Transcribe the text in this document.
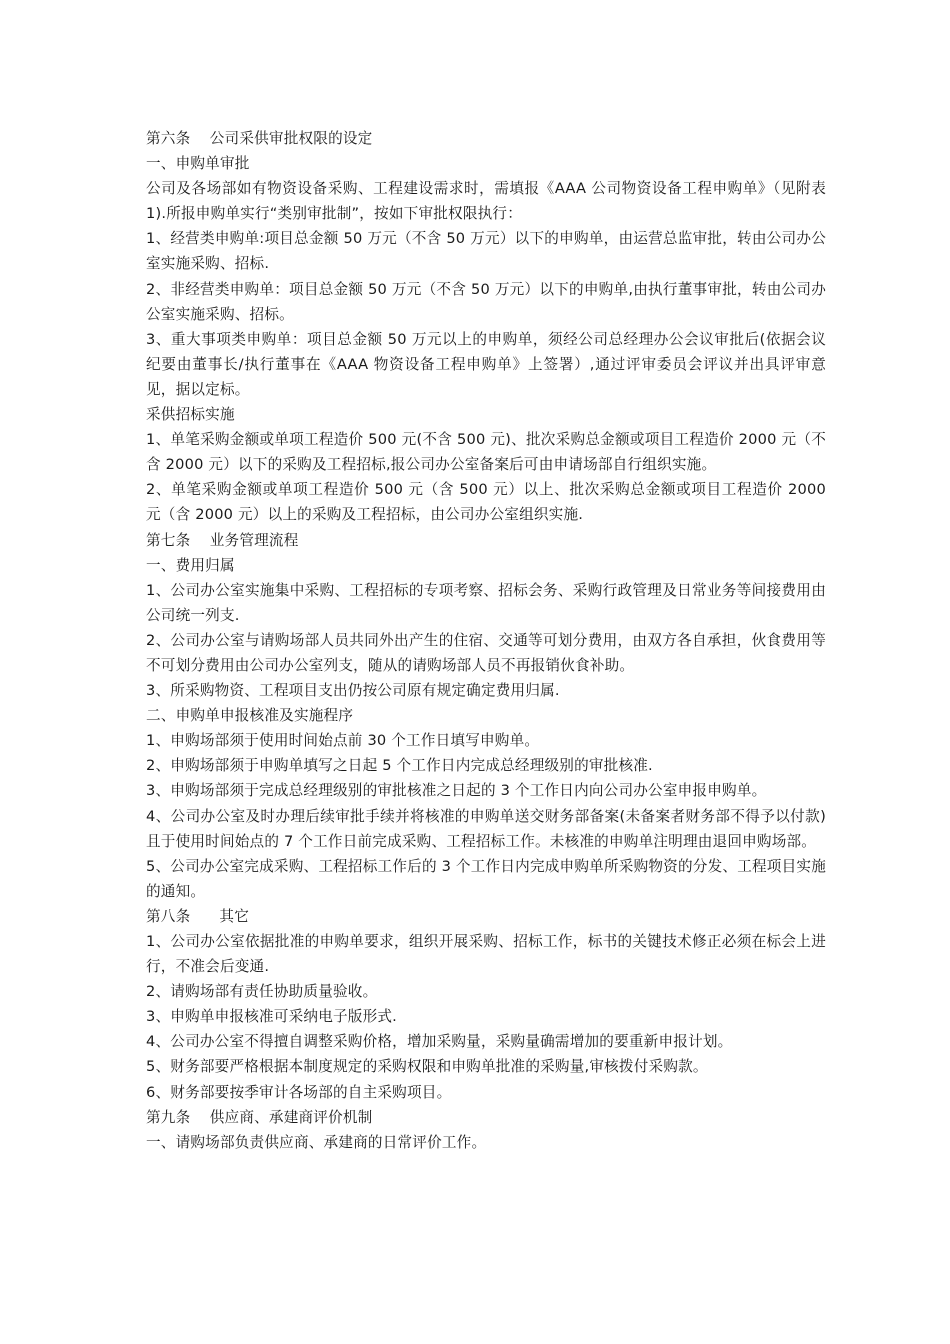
第六条    公司采供审批权限的设定

一、申购单审批

公司及各场部如有物资设备采购、工程建设需求时，需填报《AAA 公司物资设备工程申购单》（见附表 1).所报申购单实行“类别审批制”，按如下审批权限执行：

1、经营类申购单:项目总金额 50 万元（不含 50 万元）以下的申购单，由运营总监审批，转由公司办公室实施采购、招标.

2、非经营类申购单：项目总金额 50 万元（不含 50 万元）以下的申购单,由执行董事审批，转由公司办公室实施采购、招标。

3、重大事项类申购单：项目总金额 50 万元以上的申购单，须经公司总经理办公会议审批后(依据会议纪要由董事长/执行董事在《AAA 物资设备工程申购单》上签署）,通过评审委员会评议并出具评审意见，据以定标。

采供招标实施

1、单笔采购金额或单项工程造价 500 元(不含 500 元)、批次采购总金额或项目工程造价 2000 元（不含 2000 元）以下的采购及工程招标,报公司办公室备案后可由申请场部自行组织实施。

2、单笔采购金额或单项工程造价 500 元（含 500 元）以上、批次采购总金额或项目工程造价 2000 元（含 2000 元）以上的采购及工程招标，由公司办公室组织实施.

第七条    业务管理流程

一、费用归属

1、公司办公室实施集中采购、工程招标的专项考察、招标会务、采购行政管理及日常业务等间接费用由公司统一列支.

2、公司办公室与请购场部人员共同外出产生的住宿、交通等可划分费用，由双方各自承担，伙食费用等不可划分费用由公司办公室列支，随从的请购场部人员不再报销伙食补助。

3、所采购物资、工程项目支出仍按公司原有规定确定费用归属.

二、申购单申报核准及实施程序

1、申购场部须于使用时间始点前 30 个工作日填写申购单。

2、申购场部须于申购单填写之日起 5 个工作日内完成总经理级别的审批核准.

3、申购场部须于完成总经理级别的审批核准之日起的 3 个工作日内向公司办公室申报申购单。

4、公司办公室及时办理后续审批手续并将核准的申购单送交财务部备案(未备案者财务部不得予以付款)且于使用时间始点的 7 个工作日前完成采购、工程招标工作。未核准的申购单注明理由退回申购场部。

5、公司办公室完成采购、工程招标工作后的 3 个工作日内完成申购单所采购物资的分发、工程项目实施的通知。

第八条      其它

1、公司办公室依据批准的申购单要求，组织开展采购、招标工作，标书的关键技术修正必须在标会上进行，不准会后变通.

2、请购场部有责任协助质量验收。

3、申购单申报核准可采纳电子版形式.

4、公司办公室不得擅自调整采购价格，增加采购量，采购量确需增加的要重新申报计划。

5、财务部要严格根据本制度规定的采购权限和申购单批准的采购量,审核拨付采购款。

6、财务部要按季审计各场部的自主采购项目。

第九条    供应商、承建商评价机制

一、请购场部负责供应商、承建商的日常评价工作。
